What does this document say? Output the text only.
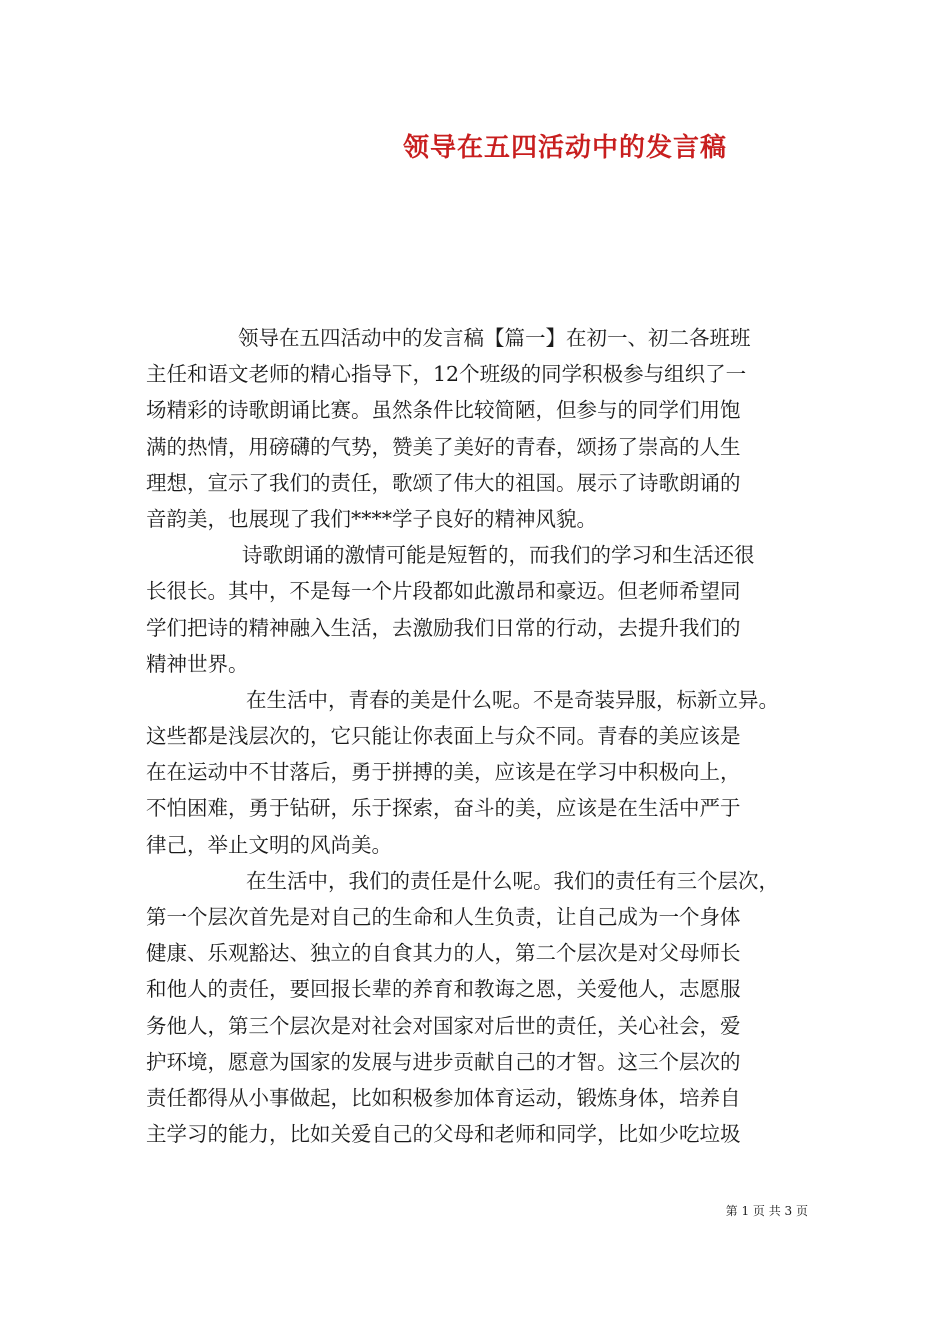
领导在五四活动中的发言稿
领导在五四活动中的发言稿【篇一】在初一、初二各班班
主任和语文老师的精心指导下，12个班级的同学积极参与组织了一
场精彩的诗歌朗诵比赛。虽然条件比较简陋，但参与的同学们用饱
满的热情，用磅礴的气势，赞美了美好的青春，颂扬了崇高的人生
理想，宣示了我们的责任，歌颂了伟大的祖国。展示了诗歌朗诵的
音韵美，也展现了我们****学子良好的精神风貌。
诗歌朗诵的激情可能是短暂的，而我们的学习和生活还很
长很长。其中，不是每一个片段都如此激昂和豪迈。但老师希望同
学们把诗的精神融入生活，去激励我们日常的行动，去提升我们的
精神世界。
在生活中，青春的美是什么呢。不是奇装异服，标新立异。
这些都是浅层次的，它只能让你表面上与众不同。青春的美应该是
在在运动中不甘落后，勇于拼搏的美，应该是在学习中积极向上，
不怕困难，勇于钻研，乐于探索，奋斗的美，应该是在生活中严于
律己，举止文明的风尚美。
在生活中，我们的责任是什么呢。我们的责任有三个层次，
第一个层次首先是对自己的生命和人生负责，让自己成为一个身体
健康、乐观豁达、独立的自食其力的人，第二个层次是对父母师长
和他人的责任，要回报长辈的养育和教诲之恩，关爱他人，志愿服
务他人，第三个层次是对社会对国家对后世的责任，关心社会，爱
护环境，愿意为国家的发展与进步贡献自己的才智。这三个层次的
责任都得从小事做起，比如积极参加体育运动，锻炼身体，培养自
主学习的能力，比如关爱自己的父母和老师和同学，比如少吃垃圾
第 1 页 共 3 页
